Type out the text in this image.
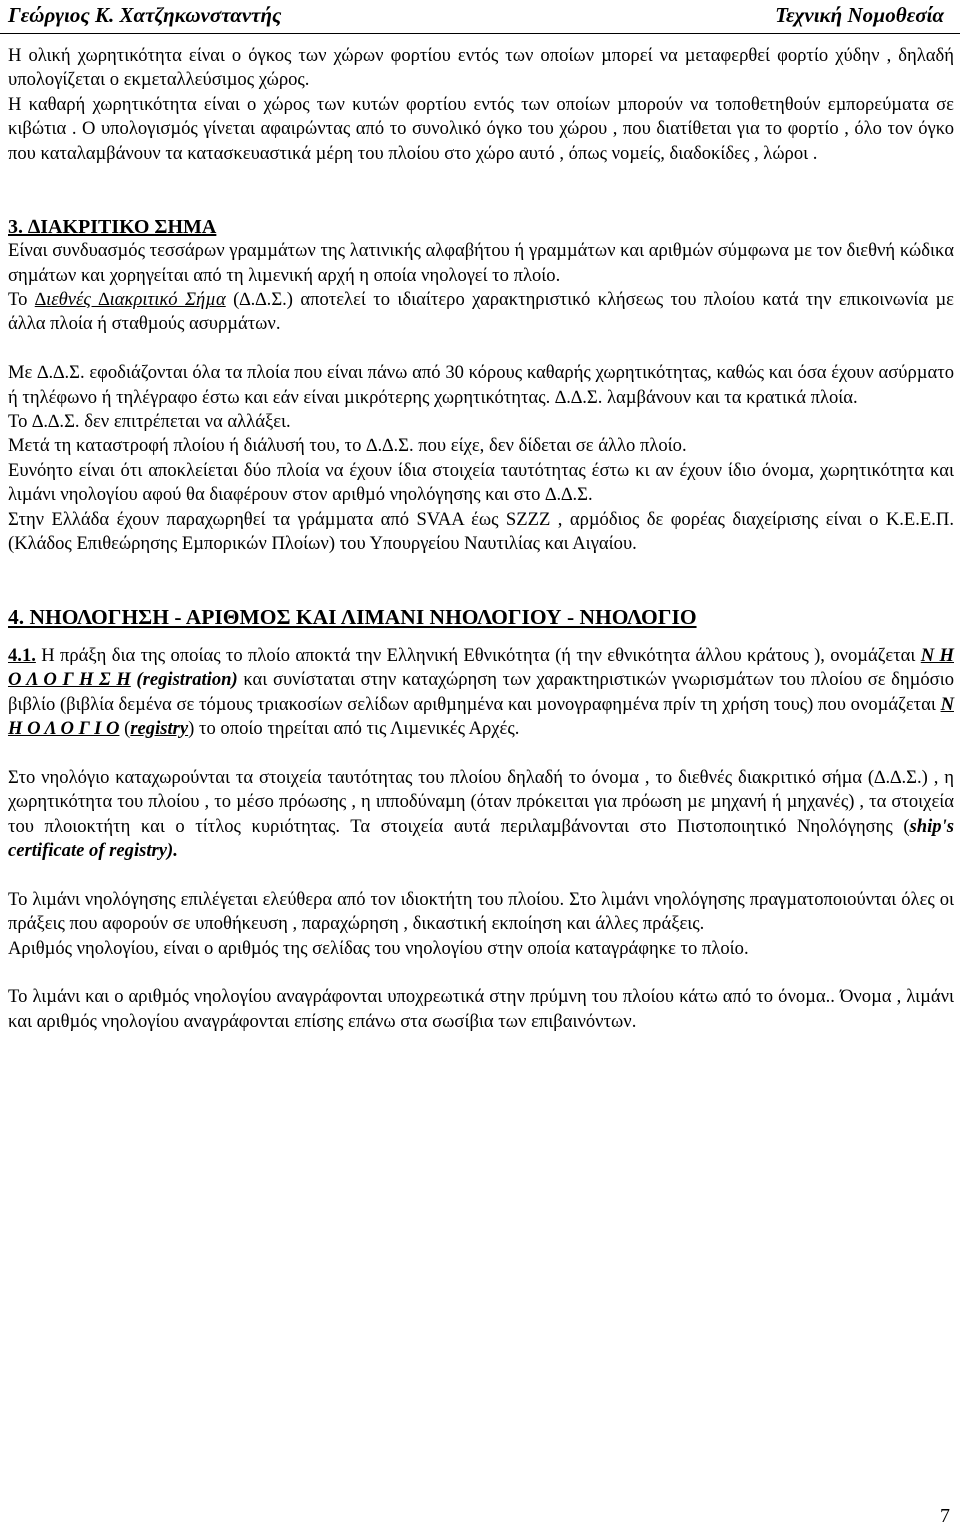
Γεώργιος Κ. Χατζηκωνσταντής	Τεχνική Νοµοθεσία

Η ολική χωρητικότητα είναι ο όγκος των χώρων φορτίου εντός των οποίων µπορεί να µεταφερθεί φορτίο χύδην , δηλαδή υπολογίζεται ο εκµεταλλεύσιµος χώρος.

Η καθαρή χωρητικότητα είναι ο χώρος των κυτών φορτίου εντός των οποίων µπορούν να τοποθετηθούν εµπορεύµατα σε κιβώτια . Ο υπολογισµός γίνεται αφαιρώντας από το συνολικό όγκο του χώρου , που διατίθεται για το φορτίο , όλο τον όγκο που καταλαµβάνουν τα κατασκευαστικά µέρη του πλοίου στο χώρο αυτό , όπως νοµείς, διαδοκίδες , λώροι .

3. ∆ΙΑΚΡΙΤΙΚΟ ΣΗΜΑ

Είναι συνδυασµός τεσσάρων γραµµάτων της λατινικής αλφαβήτου ή γραµµάτων και αριθµών σύµφωνα µε τον διεθνή κώδικα σηµάτων και χορηγείται από τη λιµενική αρχή η οποία νηολογεί το πλοίο.

Το ∆ιεθνές ∆ιακριτικό Σήµα (∆.∆.Σ.) αποτελεί το ιδιαίτερο χαρακτηριστικό κλήσεως του πλοίου κατά την επικοινωνία µε άλλα πλοία ή σταθµούς ασυρµάτων.

Με ∆.∆.Σ. εφοδιάζονται όλα τα πλοία που είναι πάνω από 30 κόρους καθαρής χωρητικότητας, καθώς και όσα έχουν ασύρµατο ή τηλέφωνο ή τηλέγραφο έστω και εάν είναι µικρότερης χωρητικότητας. ∆.∆.Σ. λαµβάνουν και τα κρατικά πλοία.

Το ∆.∆.Σ. δεν επιτρέπεται να αλλάξει.

Μετά τη καταστροφή πλοίου ή διάλυσή του, το ∆.∆.Σ. που είχε, δεν δίδεται σε άλλο πλοίο.

Ευνόητο είναι ότι αποκλείεται δύο πλοία να έχουν ίδια στοιχεία ταυτότητας έστω κι αν έχουν ίδιο όνοµα, χωρητικότητα και λιµάνι νηολογίου αφού θα διαφέρουν στον αριθµό νηολόγησης και στο ∆.∆.Σ.

Στην Ελλάδα έχουν παραχωρηθεί τα γράµµατα από SVAA έως SZZZ , αρµόδιος δε φορέας διαχείρισης είναι ο Κ.Ε.Ε.Π. (Κλάδος Επιθεώρησης Εµπορικών Πλοίων) του Υπουργείου Ναυτιλίας και Αιγαίου.

4. ΝΗΟΛΟΓΗΣΗ - ΑΡΙΘΜΟΣ ΚΑΙ ΛΙΜΑΝΙ ΝΗΟΛΟΓΙΟΥ - ΝΗΟΛΟΓΙΟ

4.1. Η πράξη δια της οποίας το πλοίο αποκτά την Ελληνική Εθνικότητα (ή την εθνικότητα άλλου κράτους ), ονοµάζεται Ν Η Ο Λ Ο Γ Η Σ Η (registration) και συνίσταται στην καταχώρηση των χαρακτηριστικών γνωρισµάτων του πλοίου σε δηµόσιο βιβλίο (βιβλία δεµένα σε τόµους τριακοσίων σελίδων αριθµηµένα και µονογραφηµένα πρίν τη χρήση τους) που ονοµάζεται Ν Η Ο Λ Ο Γ Ι Ο (registry) το οποίο τηρείται από τις Λιµενικές Αρχές.

Στο νηολόγιο καταχωρούνται τα στοιχεία ταυτότητας του πλοίου δηλαδή το όνοµα , το διεθνές διακριτικό σήµα (∆.∆.Σ.) , η χωρητικότητα του πλοίου , το µέσο πρόωσης , η ιπποδύναµη (όταν πρόκειται για πρόωση µε µηχανή ή µηχανές) , τα στοιχεία του πλοιοκτήτη και ο τίτλος κυριότητας. Τα στοιχεία αυτά περιλαµβάνονται στο Πιστοποιητικό Νηολόγησης (ship's certificate of registry).

Το λιµάνι νηολόγησης επιλέγεται ελεύθερα από τον ιδιοκτήτη του πλοίου. Στο λιµάνι νηολόγησης πραγµατοποιούνται όλες οι πράξεις που αφορούν σε υποθήκευση , παραχώρηση , δικαστική εκποίηση και άλλες πράξεις.

Αριθµός νηολογίου, είναι ο αριθµός της σελίδας του νηολογίου στην οποία καταγράφηκε το πλοίο.

Το λιµάνι και ο αριθµός νηολογίου αναγράφονται υποχρεωτικά στην πρύµνη του πλοίου κάτω από το όνοµα.. Όνοµα , λιµάνι και αριθµός νηολογίου αναγράφονται επίσης επάνω στα σωσίβια των επιβαινόντων.

7
